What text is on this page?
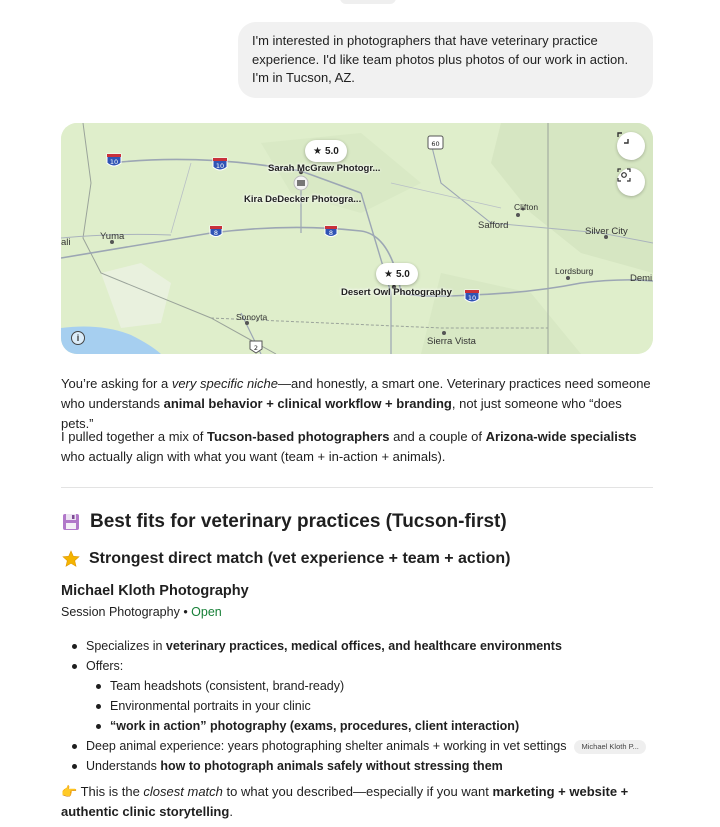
I'm interested in photographers that have veterinary practice experience. I'd like team photos plus photos of our work in action. I'm in Tucson, AZ.
10	10
8	8
10
60
2
Yuma
ali
Safford
Clifton
Silver City
Lordsburg
Demi
Sonoyta
Sierra Vista
★ 5.0
Sarah McGraw Photogr...
Kira DeDecker Photogra...
★ 5.0
Desert Owl Photography
i
You’re asking for a very specific niche—and honestly, a smart one. Veterinary practices need someone who understands animal behavior + clinical workflow + branding, not just someone who “does pets.”
I pulled together a mix of Tucson-based photographers and a couple of Arizona-wide specialists who actually align with what you want (team + in-action + animals).
Best fits for veterinary practices (Tucson-first)
Strongest direct match (vet experience + team + action)
Michael Kloth Photography
Session Photography • Open
Specializes in veterinary practices, medical offices, and healthcare environments
Offers:
Team headshots (consistent, brand-ready)
Environmental portraits in your clinic
“work in action” photography (exams, procedures, client interaction)
Deep animal experience: years photographing shelter animals + working in vet settings Michael Kloth P...
Understands how to photograph animals safely without stressing them
👉 This is the closest match to what you described—especially if you want marketing + website + authentic clinic storytelling.
